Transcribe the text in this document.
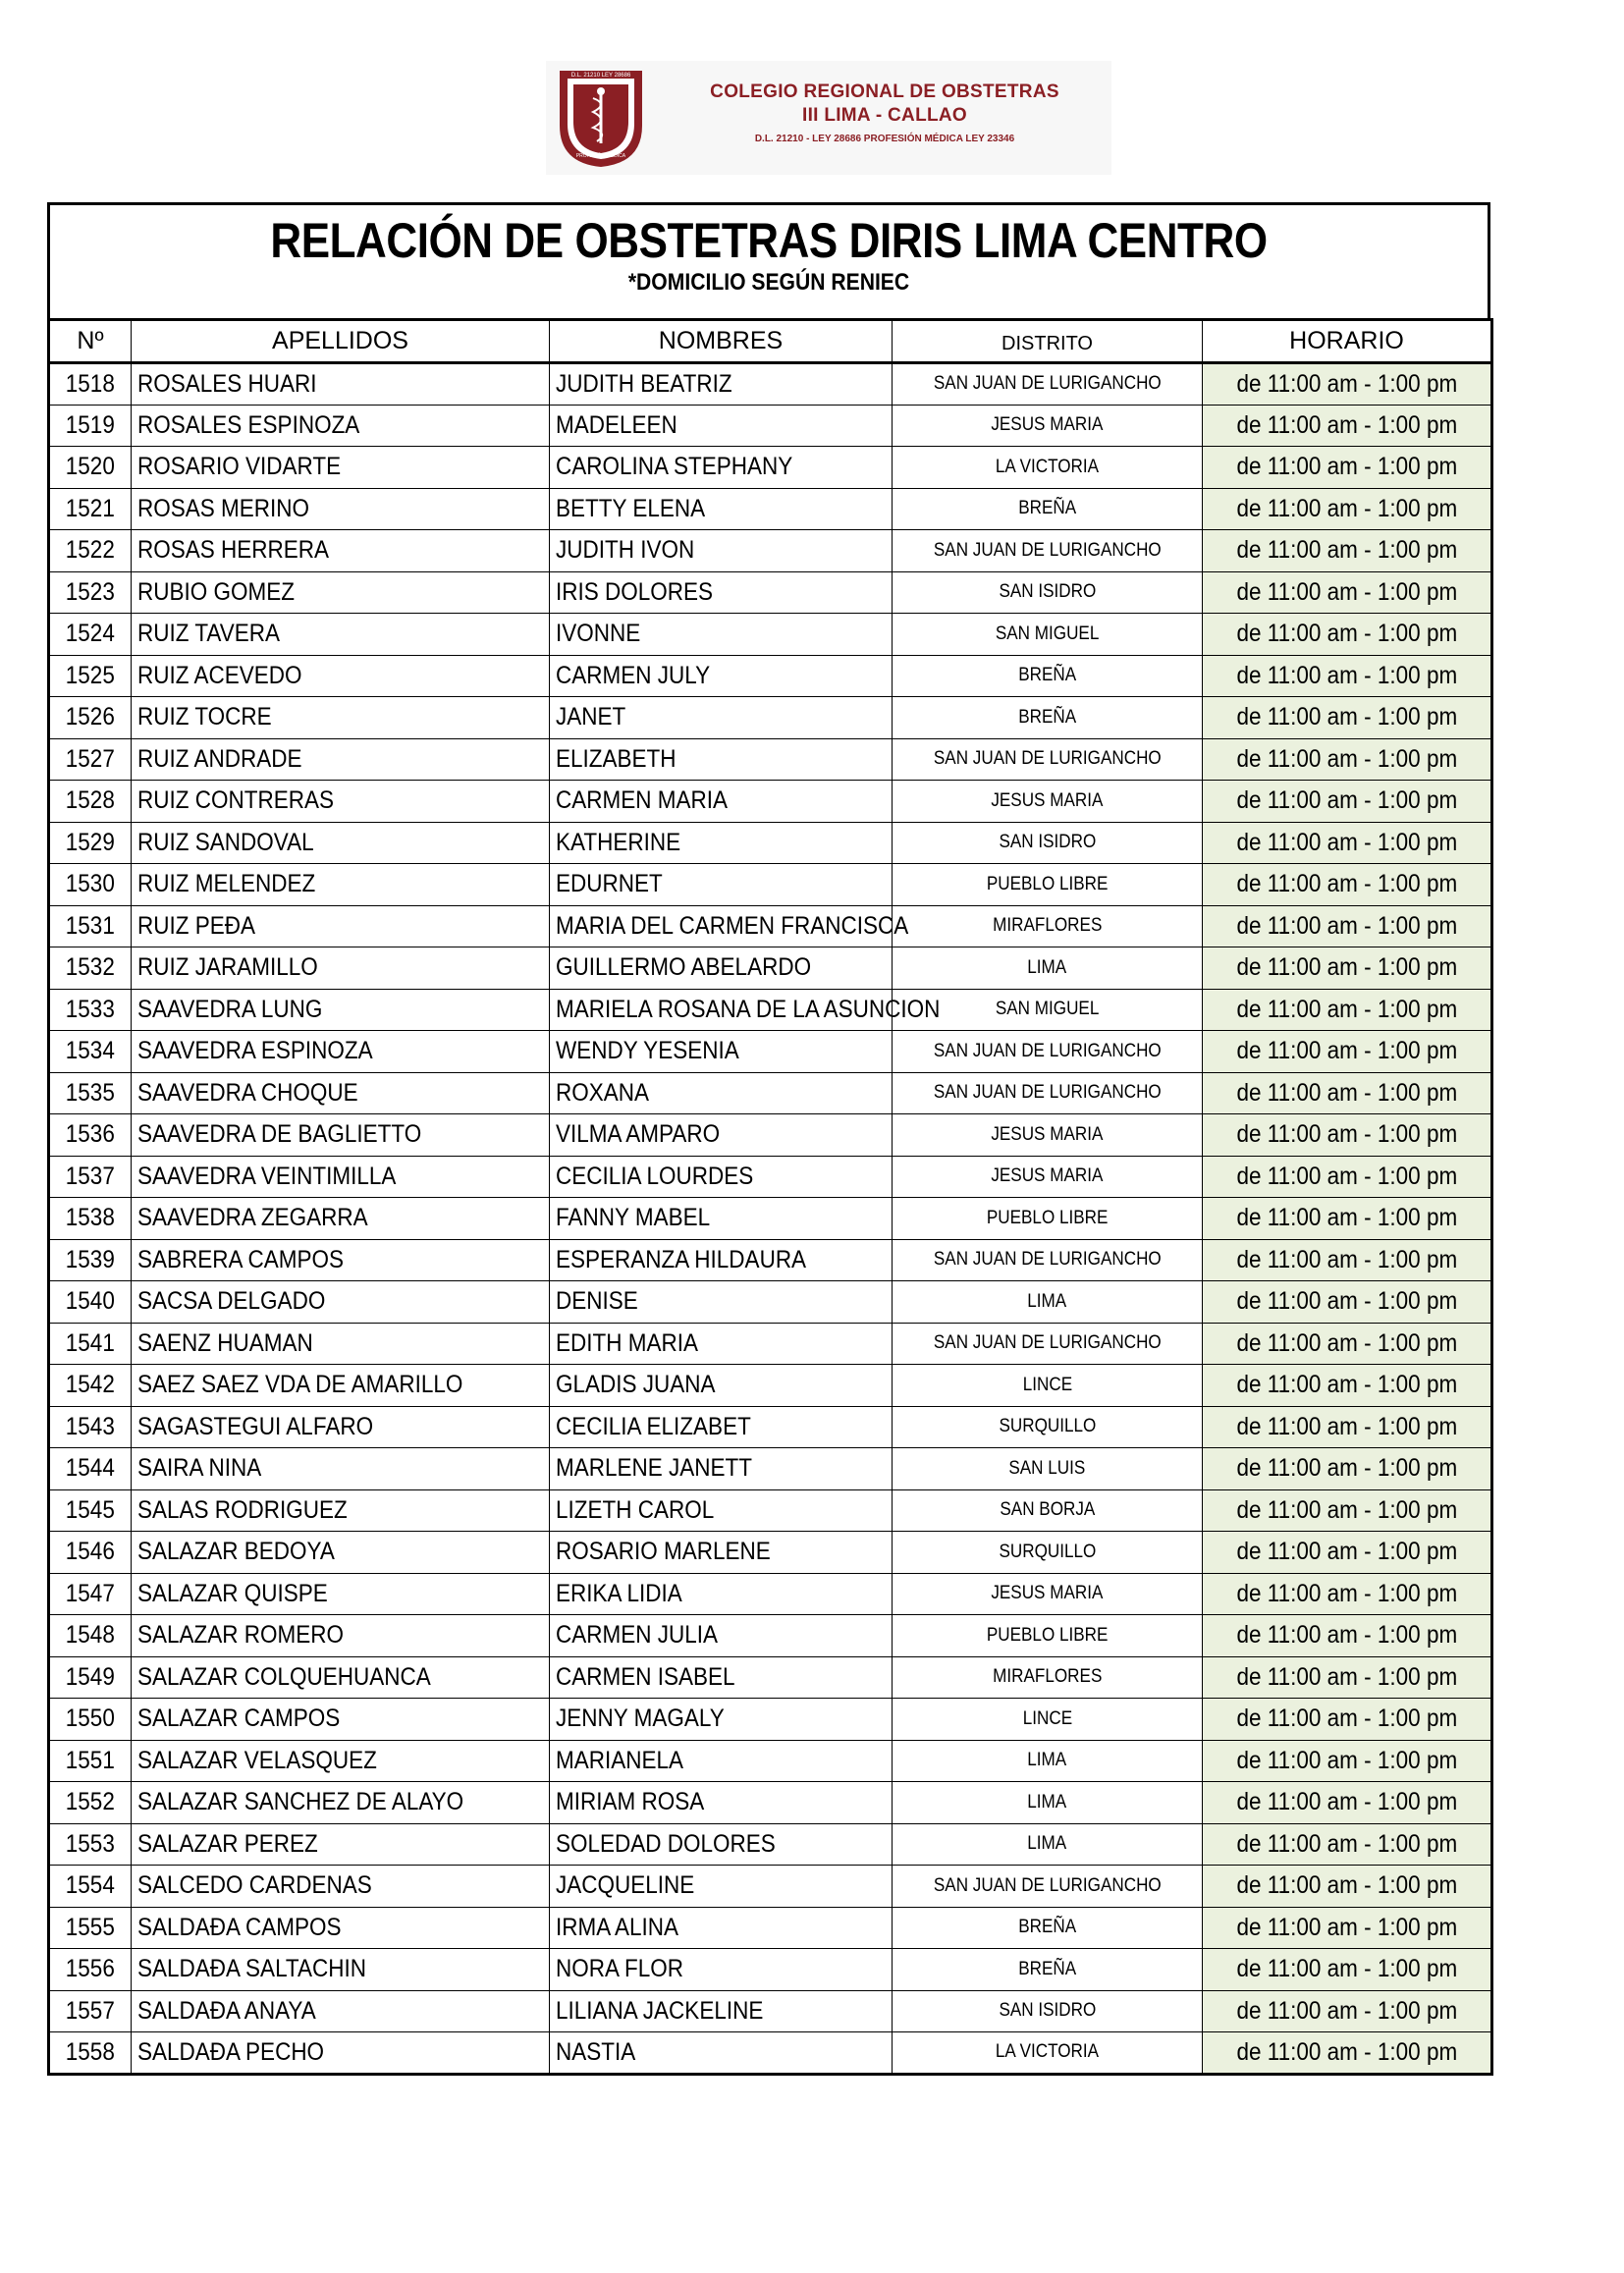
D.L. 21210 LEY 28686
PROFESIÓN MÉDICA
LEY 23346
COLEGIO REGIONAL DE OBSTETRAS
III LIMA - CALLAO
D.L. 21210 - LEY 28686 PROFESIÓN MÉDICA LEY 23346
RELACIÓN DE OBSTETRAS DIRIS LIMA CENTRO
*DOMICILIO SEGÚN RENIEC
Nº	APELLIDOS	NOMBRES	DISTRITO	HORARIO
1518	ROSALES HUARI	JUDITH BEATRIZ	SAN JUAN DE LURIGANCHO	de 11:00 am - 1:00 pm
1519	ROSALES ESPINOZA	MADELEEN	JESUS MARIA	de 11:00 am - 1:00 pm
1520	ROSARIO VIDARTE	CAROLINA STEPHANY	LA VICTORIA	de 11:00 am - 1:00 pm
1521	ROSAS MERINO	BETTY ELENA	BREÑA	de 11:00 am - 1:00 pm
1522	ROSAS HERRERA	JUDITH IVON	SAN JUAN DE LURIGANCHO	de 11:00 am - 1:00 pm
1523	RUBIO GOMEZ	IRIS DOLORES	SAN ISIDRO	de 11:00 am - 1:00 pm
1524	RUIZ TAVERA	IVONNE	SAN MIGUEL	de 11:00 am - 1:00 pm
1525	RUIZ ACEVEDO	CARMEN JULY	BREÑA	de 11:00 am - 1:00 pm
1526	RUIZ TOCRE	JANET	BREÑA	de 11:00 am - 1:00 pm
1527	RUIZ ANDRADE	ELIZABETH	SAN JUAN DE LURIGANCHO	de 11:00 am - 1:00 pm
1528	RUIZ CONTRERAS	CARMEN MARIA	JESUS MARIA	de 11:00 am - 1:00 pm
1529	RUIZ SANDOVAL	KATHERINE	SAN ISIDRO	de 11:00 am - 1:00 pm
1530	RUIZ MELENDEZ	EDURNET	PUEBLO LIBRE	de 11:00 am - 1:00 pm
1531	RUIZ PEĐA	MARIA DEL CARMEN FRANCISCA	MIRAFLORES	de 11:00 am - 1:00 pm
1532	RUIZ JARAMILLO	GUILLERMO ABELARDO	LIMA	de 11:00 am - 1:00 pm
1533	SAAVEDRA LUNG	MARIELA ROSANA DE LA ASUNCION	SAN MIGUEL	de 11:00 am - 1:00 pm
1534	SAAVEDRA ESPINOZA	WENDY YESENIA	SAN JUAN DE LURIGANCHO	de 11:00 am - 1:00 pm
1535	SAAVEDRA CHOQUE	ROXANA	SAN JUAN DE LURIGANCHO	de 11:00 am - 1:00 pm
1536	SAAVEDRA DE BAGLIETTO	VILMA AMPARO	JESUS MARIA	de 11:00 am - 1:00 pm
1537	SAAVEDRA VEINTIMILLA	CECILIA LOURDES	JESUS MARIA	de 11:00 am - 1:00 pm
1538	SAAVEDRA ZEGARRA	FANNY MABEL	PUEBLO LIBRE	de 11:00 am - 1:00 pm
1539	SABRERA CAMPOS	ESPERANZA HILDAURA	SAN JUAN DE LURIGANCHO	de 11:00 am - 1:00 pm
1540	SACSA DELGADO	DENISE	LIMA	de 11:00 am - 1:00 pm
1541	SAENZ HUAMAN	EDITH MARIA	SAN JUAN DE LURIGANCHO	de 11:00 am - 1:00 pm
1542	SAEZ SAEZ VDA DE AMARILLO	GLADIS JUANA	LINCE	de 11:00 am - 1:00 pm
1543	SAGASTEGUI ALFARO	CECILIA ELIZABET	SURQUILLO	de 11:00 am - 1:00 pm
1544	SAIRA NINA	MARLENE JANETT	SAN LUIS	de 11:00 am - 1:00 pm
1545	SALAS RODRIGUEZ	LIZETH CAROL	SAN BORJA	de 11:00 am - 1:00 pm
1546	SALAZAR BEDOYA	ROSARIO MARLENE	SURQUILLO	de 11:00 am - 1:00 pm
1547	SALAZAR QUISPE	ERIKA LIDIA	JESUS MARIA	de 11:00 am - 1:00 pm
1548	SALAZAR ROMERO	CARMEN JULIA	PUEBLO LIBRE	de 11:00 am - 1:00 pm
1549	SALAZAR COLQUEHUANCA	CARMEN ISABEL	MIRAFLORES	de 11:00 am - 1:00 pm
1550	SALAZAR CAMPOS	JENNY MAGALY	LINCE	de 11:00 am - 1:00 pm
1551	SALAZAR VELASQUEZ	MARIANELA	LIMA	de 11:00 am - 1:00 pm
1552	SALAZAR SANCHEZ DE ALAYO	MIRIAM ROSA	LIMA	de 11:00 am - 1:00 pm
1553	SALAZAR PEREZ	SOLEDAD DOLORES	LIMA	de 11:00 am - 1:00 pm
1554	SALCEDO CARDENAS	JACQUELINE	SAN JUAN DE LURIGANCHO	de 11:00 am - 1:00 pm
1555	SALDAĐA CAMPOS	IRMA ALINA	BREÑA	de 11:00 am - 1:00 pm
1556	SALDAĐA SALTACHIN	NORA FLOR	BREÑA	de 11:00 am - 1:00 pm
1557	SALDAĐA ANAYA	LILIANA JACKELINE	SAN ISIDRO	de 11:00 am - 1:00 pm
1558	SALDAĐA PECHO	NASTIA	LA VICTORIA	de 11:00 am - 1:00 pm
